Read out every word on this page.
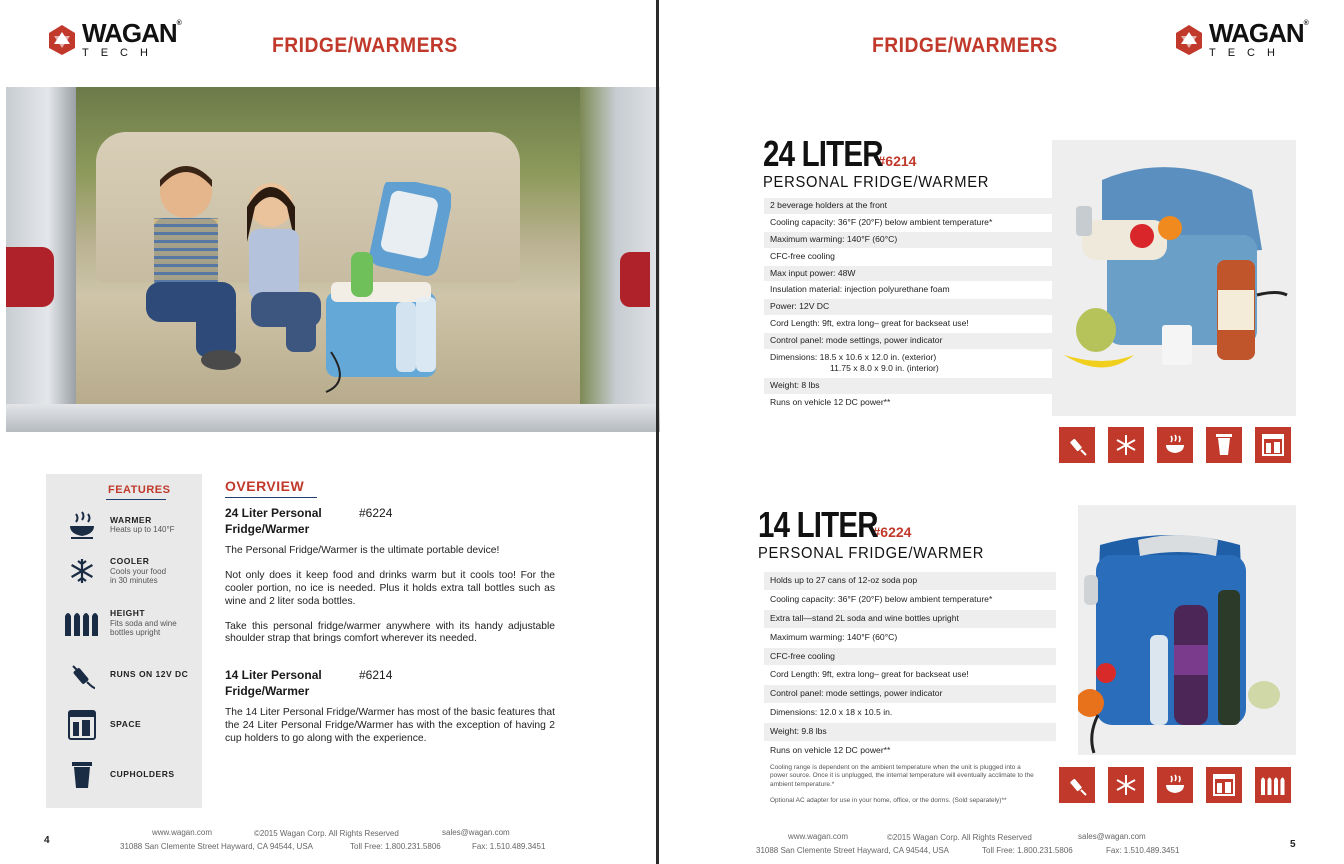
WAGAN®
TECH	FRIDGE/WARMERS
FEATURES
WARMER
Heats up to 140°F
COOLER
Cools your food in 30 minutes
HEIGHT
Fits soda and wine bottles upright
RUNS ON 12V DC
SPACE
CUPHOLDERS
OVERVIEW
24 Liter Personal Fridge/Warmer
#6224

The Personal Fridge/Warmer is the ultimate portable device!

Not only does it keep food and drinks warm but it cools too! For the cooler portion, no ice is needed. Plus it holds extra tall bottles such as wine and 2 liter soda bottles.

Take this personal fridge/warmer anywhere with its handy adjustable shoulder strap that brings comfort wherever its needed.

14 Liter Personal Fridge/Warmer
#6214

The 14 Liter Personal Fridge/Warmer has most of the basic features that the 24 Liter Personal Fridge/Warmer has with the exception of having 2 cup holders to go along with the experience.

4
www.wagan.com	©2015 Wagan Corp. All Rights Reserved	sales@wagan.com
31088 San Clemente Street Hayward, CA 94544, USA	Toll Free: 1.800.231.5806	Fax: 1.510.489.3451
FRIDGE/WARMERS	WAGAN®
TECH
24 LITER #6214
PERSONAL FRIDGE/WARMER
2 beverage holders at the front
Cooling capacity: 36°F (20°F) below ambient temperature*
Maximum warming: 140°F (60°C)
CFC-free cooling
Max input power: 48W
Insulation material: injection polyurethane foam
Power: 12V DC
Cord Length: 9ft, extra long– great for backseat use!
Control panel: mode settings, power indicator
Dimensions: 18.5 x 10.6 x 12.0 in. (exterior)
11.75 x 8.0 x 9.0 in. (interior)
Weight: 8 lbs
Runs on vehicle 12 DC power**
14 LITER #6224
PERSONAL FRIDGE/WARMER
Holds up to 27 cans of 12-oz soda pop
Cooling capacity: 36°F (20°F) below ambient temperature*
Extra tall—stand 2L soda and wine bottles upright
Maximum warming: 140°F (60°C)
CFC-free cooling
Cord Length: 9ft, extra long– great for backseat use!
Control panel: mode settings, power indicator
Dimensions: 12.0 x 18 x 10.5 in.
Weight: 9.8 lbs
Runs on vehicle 12 DC power**
Cooling range is dependent on the ambient temperature when the unit is plugged into a power source. Once it is unplugged, the internal temperature will eventually acclimate to the ambient temperature.*
Optional AC adapter for use in your home, office, or the dorms. (Sold separately)**
www.wagan.com	©2015 Wagan Corp. All Rights Reserved	sales@wagan.com
31088 San Clemente Street Hayward, CA 94544, USA	Toll Free: 1.800.231.5806	Fax: 1.510.489.3451
5
